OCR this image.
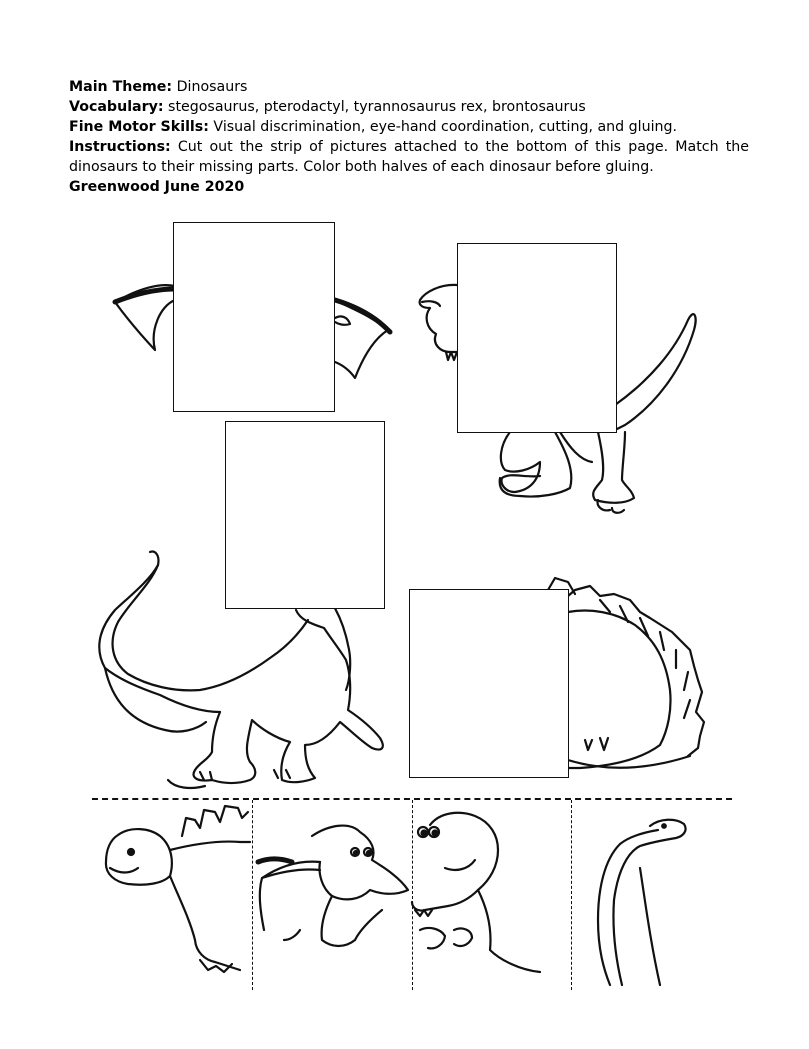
Main Theme: Dinosaurs

Vocabulary: stegosaurus, pterodactyl, tyrannosaurus rex, brontosaurus

Fine Motor Skills: Visual discrimination, eye-hand coordination, cutting, and gluing.

Instructions: Cut out the strip of pictures attached to the bottom of this page. Match the dinosaurs to their missing parts. Color both halves of each dinosaur before gluing.

Greenwood June 2020
